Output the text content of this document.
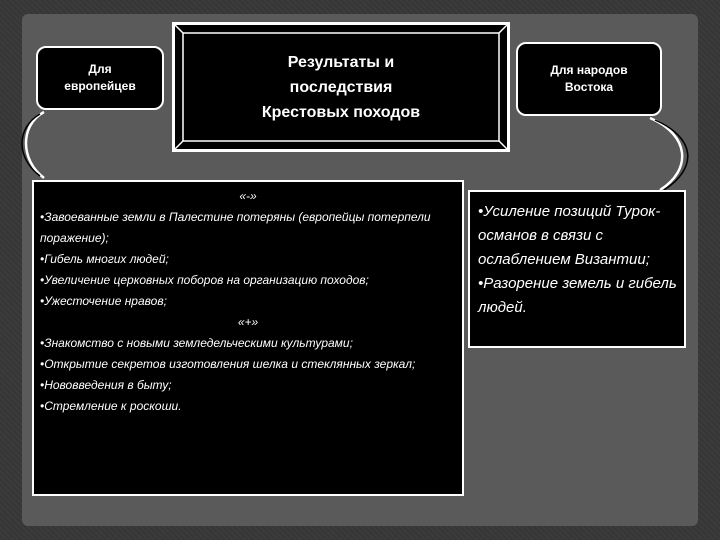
Для
европейцев
Результаты и
последствия
Крестовых походов
Для народов
Востока
«-»

•Завоеванные земли в Палестине потеряны (европейцы потерпели поражение);

•Гибель многих людей;

•Увеличение церковных поборов на организацию походов;

•Ужесточение нравов;

«+»

•Знакомство с новыми земледельческими культурами;

•Открытие секретов изготовления шелка и стеклянных зеркал;

•Нововведения в быту;

•Стремление к роскоши.

•Усиление позиций Турок-османов в связи с ослаблением Византии;

•Разорение земель и гибель людей.
